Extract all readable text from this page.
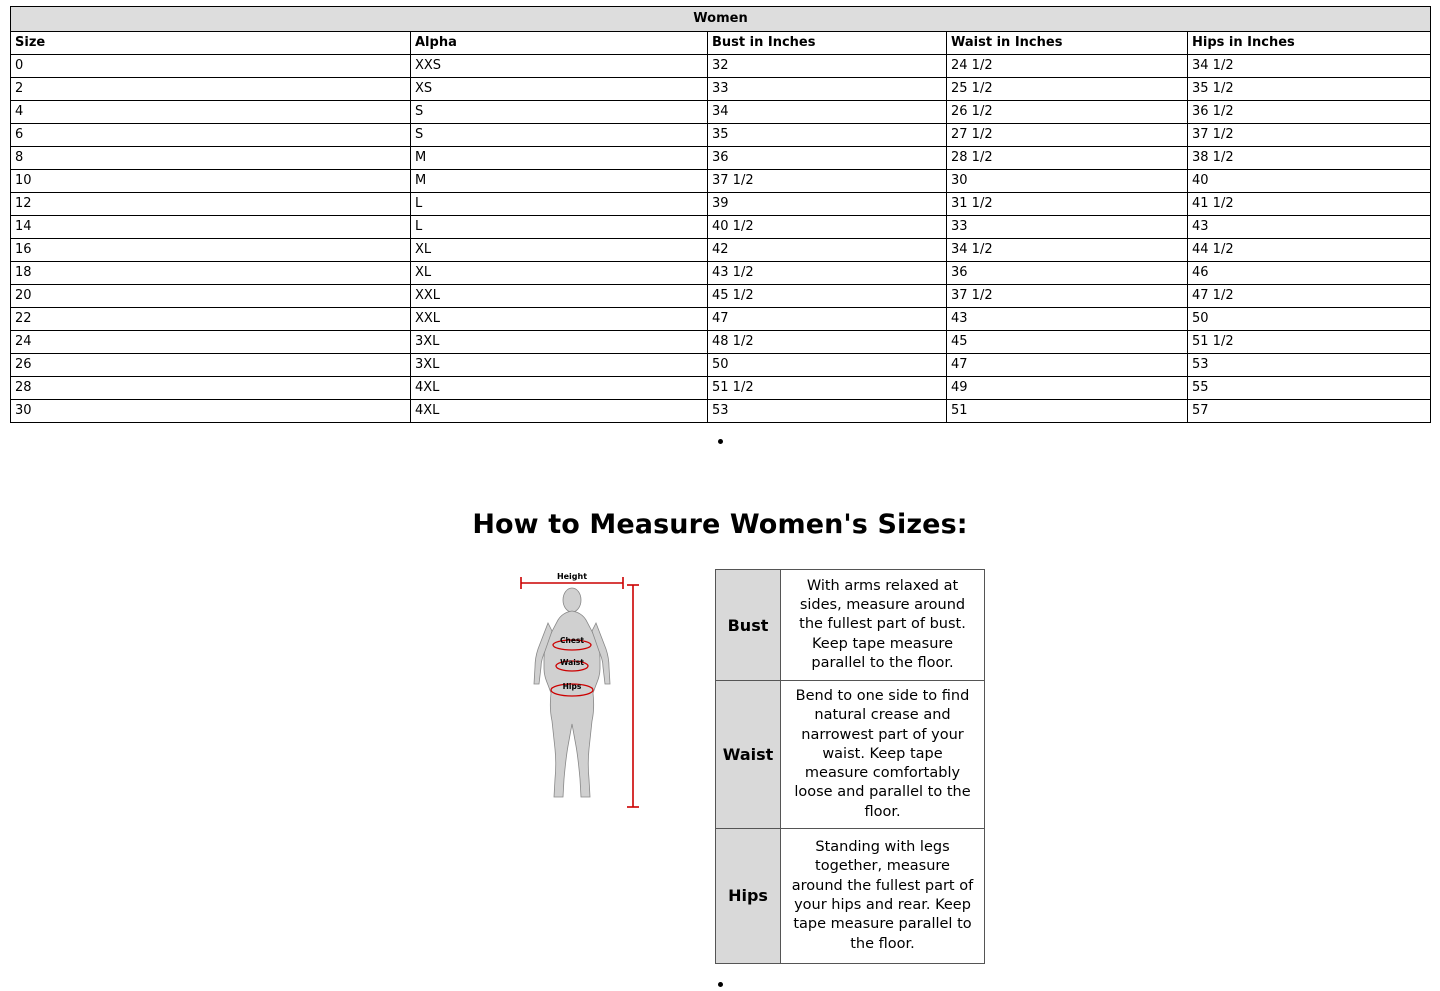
Women				
Size	Alpha	Bust in Inches	Waist in Inches	Hips in Inches
0	XXS	32	24 1/2	34 1/2
2	XS	33	25 1/2	35 1/2
4	S	34	26 1/2	36 1/2
6	S	35	27 1/2	37 1/2
8	M	36	28 1/2	38 1/2
10	M	37 1/2	30	40
12	L	39	31 1/2	41 1/2
14	L	40 1/2	33	43
16	XL	42	34 1/2	44 1/2
18	XL	43 1/2	36	46
20	XXL	45 1/2	37 1/2	47 1/2
22	XXL	47	43	50
24	3XL	48 1/2	45	51 1/2
26	3XL	50	47	53
28	4XL	51 1/2	49	55
30	4XL	53	51	57
How to Measure Women's Sizes:
Height
Chest
Waist
Hips
Bust	With arms relaxed at sides, measure around the fullest part of bust. Keep tape measure parallel to the floor.
Waist	Bend to one side to find natural crease and narrowest part of your waist. Keep tape measure comfortably loose and parallel to the floor.
Hips	Standing with legs together, measure around the fullest part of your hips and rear. Keep tape measure parallel to the floor.
